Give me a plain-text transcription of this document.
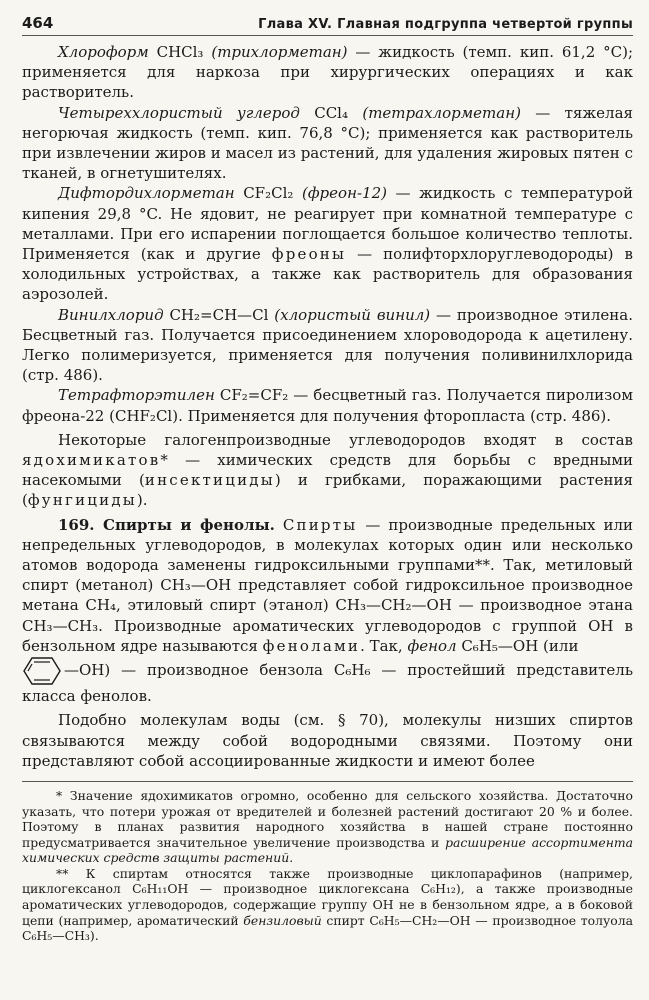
464	Глава XV. Главная подгруппа четвертой группы

Хлороформ CHCl₃ (трихлорметан) — жидкость (темп. кип. 61,2 °C); применяется для наркоза при хирургических операциях и как растворитель.

Четыреххлористый углерод CCl₄ (тетрахлорметан) — тяжелая негорючая жидкость (темп. кип. 76,8 °C); применяется как растворитель при извлечении жиров и масел из растений, для удаления жировых пятен с тканей, в огнетушителях.

Дифтордихлорметан CF₂Cl₂ (фреон-12) — жидкость с температурой кипения 29,8 °C. Не ядовит, не реагирует при комнатной температуре с металлами. При его испарении поглощается большое количество теплоты. Применяется (как и другие фреоны — полифторхлоруглеводороды) в холодильных устройствах, а также как растворитель для образования аэрозолей.

Винилхлорид CH₂=CH—Cl (хлористый винил) — производное этилена. Бесцветный газ. Получается присоединением хлороводорода к ацетилену. Легко полимеризуется, применяется для получения поливинилхлорида (стр. 486).

Тетрафторэтилен CF₂=CF₂ — бесцветный газ. Получается пиролизом фреона-22 (CHF₂Cl). Применяется для получения фторопласта (стр. 486).

Некоторые галогенпроизводные углеводородов входят в состав ядохимикатов* — химических средств для борьбы с вредными насекомыми (инсектициды) и грибками, поражающими растения (фунгициды).

169. Спирты и фенолы. Спирты — производные предельных или непредельных углеводородов, в молекулах которых один или несколько атомов водорода заменены гидроксильными группами**. Так, метиловый спирт (метанол) CH₃—OH представляет собой гидроксильное производное метана CH₄, этиловый спирт (этанол) CH₃—CH₂—OH — производное этана CH₃—CH₃. Производные ароматических углеводородов с группой OH в бензольном ядре называются фенолами. Так, фенол C₆H₅—OH (или
—OH) — производное бензола C₆H₆ — простейший представитель класса фенолов.

Подобно молекулам воды (см. § 70), молекулы низших спиртов связываются между собой водородными связями. Поэтому они представляют собой ассоциированные жидкости и имеют более

* Значение ядохимикатов огромно, особенно для сельского хозяйства. Достаточно указать, что потери урожая от вредителей и болезней растений достигают 20 % и более. Поэтому в планах развития народного хозяйства в нашей стране постоянно предусматривается значительное увеличение производства и расширение ассортимента химических средств защиты растений.

** К спиртам относятся также производные циклопарафинов (например, циклогексанол C₆H₁₁OH — производное циклогексана C₆H₁₂), а также производные ароматических углеводородов, содержащие группу OH не в бензольном ядре, а в боковой цепи (например, ароматический бензиловый спирт C₆H₅—CH₂—OH — производное толуола C₆H₅—CH₃).
